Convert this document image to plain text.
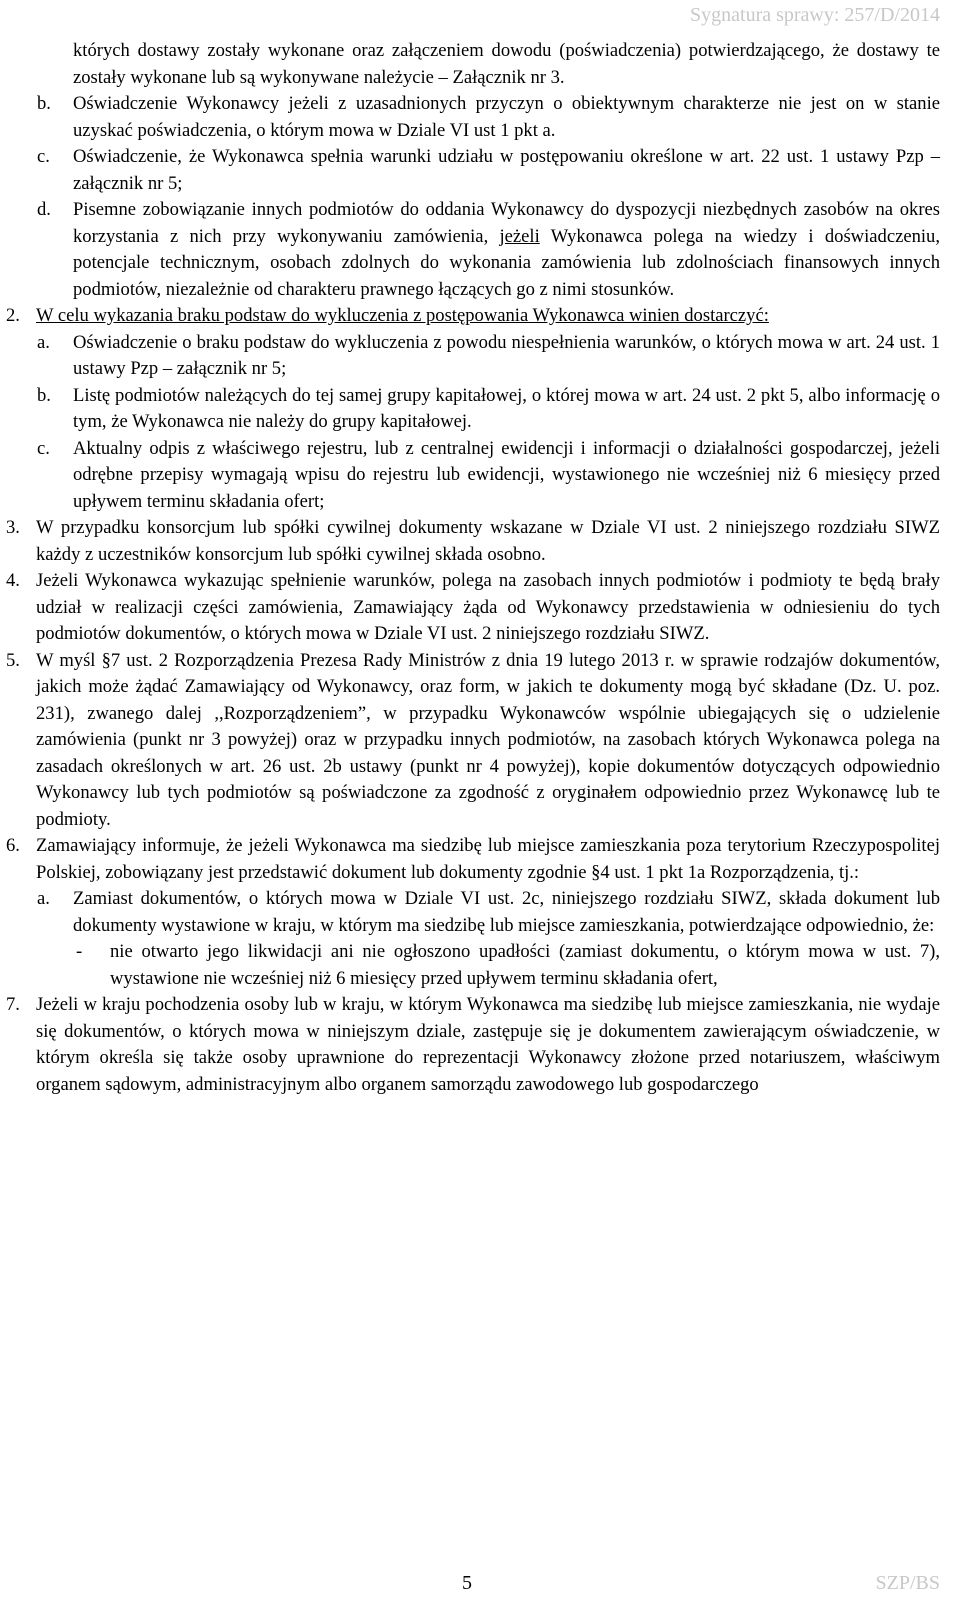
Sygnatura sprawy: 257/D/2014
których dostawy zostały wykonane oraz załączeniem dowodu (poświadczenia) potwierdzającego, że dostawy te zostały wykonane lub są wykonywane należycie – Załącznik nr 3.
b. Oświadczenie Wykonawcy jeżeli z uzasadnionych przyczyn o obiektywnym charakterze nie jest on w stanie uzyskać poświadczenia, o którym mowa w Dziale VI ust 1 pkt a.
c. Oświadczenie, że Wykonawca spełnia warunki udziału w postępowaniu określone w art. 22 ust. 1 ustawy Pzp – załącznik nr 5;
d. Pisemne zobowiązanie innych podmiotów do oddania Wykonawcy do dyspozycji niezbędnych zasobów na okres korzystania z nich przy wykonywaniu zamówienia, jeżeli Wykonawca polega na wiedzy i doświadczeniu, potencjale technicznym, osobach zdolnych do wykonania zamówienia lub zdolnościach finansowych innych podmiotów, niezależnie od charakteru prawnego łączących go z nimi stosunków.
2. W celu wykazania braku podstaw do wykluczenia z postępowania Wykonawca winien dostarczyć:
a. Oświadczenie o braku podstaw do wykluczenia z powodu niespełnienia warunków, o których mowa w art. 24 ust. 1 ustawy Pzp – załącznik nr 5;
b. Listę podmiotów należących do tej samej grupy kapitałowej, o której mowa w art. 24 ust. 2 pkt 5, albo informację o tym, że Wykonawca nie należy do grupy kapitałowej.
c. Aktualny odpis z właściwego rejestru, lub z centralnej ewidencji i informacji o działalności gospodarczej, jeżeli odrębne przepisy wymagają wpisu do rejestru lub ewidencji, wystawionego nie wcześniej niż 6 miesięcy przed upływem terminu składania ofert;
3. W przypadku konsorcjum lub spółki cywilnej dokumenty wskazane w Dziale VI ust. 2 niniejszego rozdziału SIWZ każdy z uczestników konsorcjum lub spółki cywilnej składa osobno.
4. Jeżeli Wykonawca wykazując spełnienie warunków, polega na zasobach innych podmiotów i podmioty te będą brały udział w realizacji części zamówienia, Zamawiający żąda od Wykonawcy przedstawienia w odniesieniu do tych podmiotów dokumentów, o których mowa w Dziale VI ust. 2 niniejszego rozdziału SIWZ.
5. W myśl §7 ust. 2 Rozporządzenia Prezesa Rady Ministrów z dnia 19 lutego 2013 r. w sprawie rodzajów dokumentów, jakich może żądać Zamawiający od Wykonawcy, oraz form, w jakich te dokumenty mogą być składane (Dz. U. poz. 231), zwanego dalej ,,Rozporządzeniem”, w przypadku Wykonawców wspólnie ubiegających się o udzielenie zamówienia (punkt nr 3 powyżej) oraz w przypadku innych podmiotów, na zasobach których Wykonawca polega na zasadach określonych w art. 26 ust. 2b ustawy (punkt nr 4 powyżej), kopie dokumentów dotyczących odpowiednio Wykonawcy lub tych podmiotów są poświadczone za zgodność z oryginałem odpowiednio przez Wykonawcę lub te podmioty.
6. Zamawiający informuje, że jeżeli Wykonawca ma siedzibę lub miejsce zamieszkania poza terytorium Rzeczypospolitej Polskiej, zobowiązany jest przedstawić dokument lub dokumenty zgodnie §4 ust. 1 pkt 1a Rozporządzenia, tj.:
a. Zamiast dokumentów, o których mowa w Dziale VI ust. 2c, niniejszego rozdziału SIWZ, składa dokument lub dokumenty wystawione w kraju, w którym ma siedzibę lub miejsce zamieszkania, potwierdzające odpowiednio, że:
- nie otwarto jego likwidacji ani nie ogłoszono upadłości (zamiast dokumentu, o którym mowa w ust. 7), wystawione nie wcześniej niż 6 miesięcy przed upływem terminu składania ofert,
7. Jeżeli w kraju pochodzenia osoby lub w kraju, w którym Wykonawca ma siedzibę lub miejsce zamieszkania, nie wydaje się dokumentów, o których mowa w niniejszym dziale, zastępuje się je dokumentem zawierającym oświadczenie, w którym określa się także osoby uprawnione do reprezentacji Wykonawcy złożone przed notariuszem, właściwym organem sądowym, administracyjnym albo organem samorządu zawodowego lub gospodarczego
5	SZP/BS
